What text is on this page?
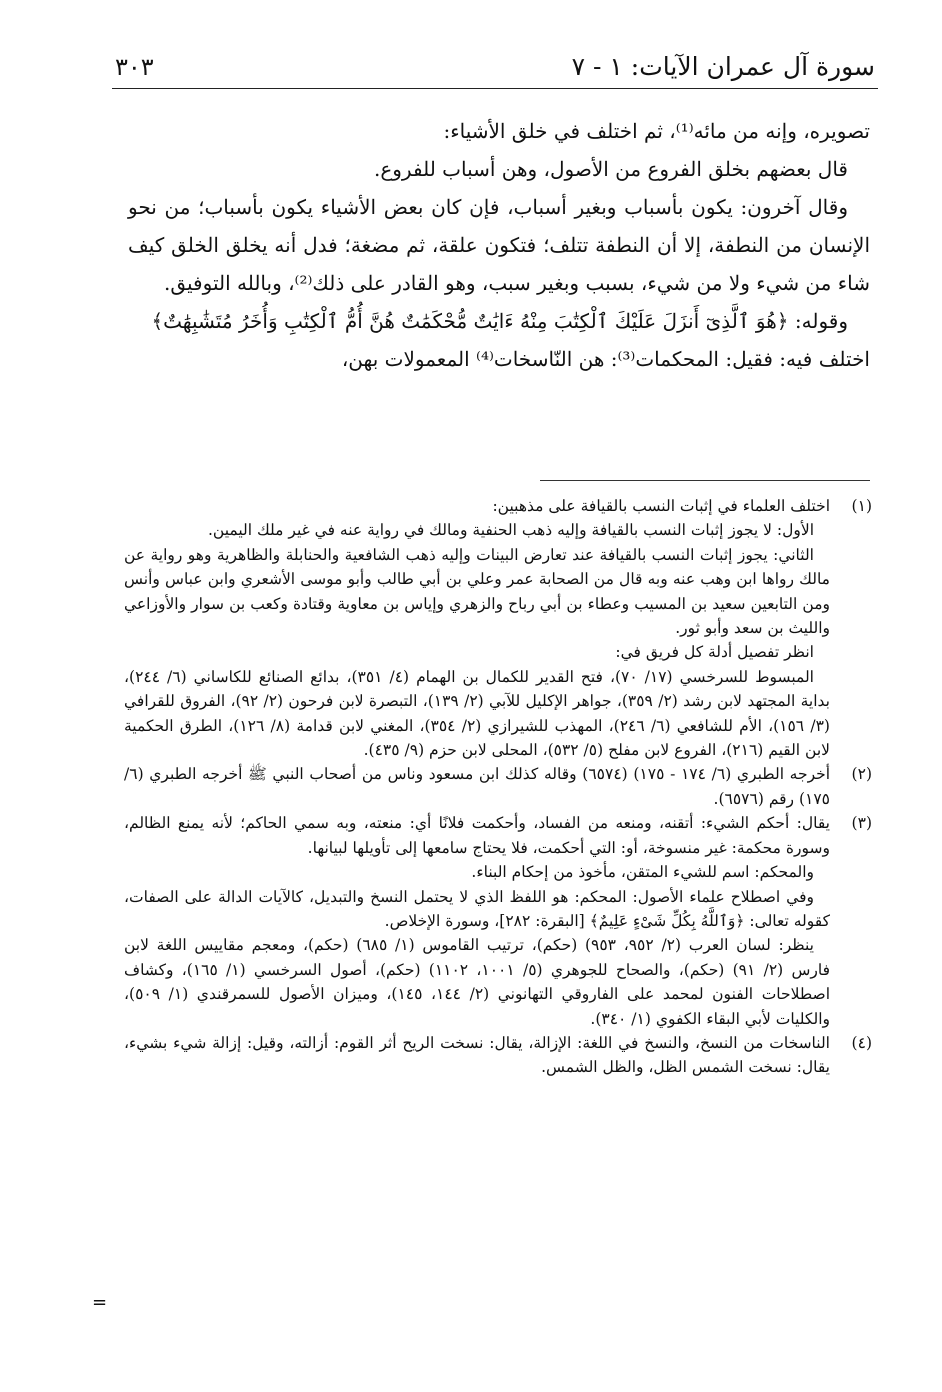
سورة آل عمران الآيات: ١ - ٧
٣٠٣

تصويره، وإنه من مائه⁽¹⁾، ثم اختلف في خلق الأشياء:

قال بعضهم بخلق الفروع من الأصول، وهن أسباب للفروع.

وقال آخرون: يكون بأسباب وبغير أسباب، فإن كان بعض الأشياء يكون بأسباب؛ من نحو الإنسان من النطفة، إلا أن النطفة تتلف؛ فتكون علقة، ثم مضغة؛ فدل أنه يخلق الخلق كيف شاء من شيء ولا من شيء، بسبب وبغير سبب، وهو القادر على ذلك⁽²⁾، وبالله التوفيق.

وقوله: ﴿هُوَ ٱلَّذِىٓ أَنزَلَ عَلَيْكَ ٱلْكِتَٰبَ مِنْهُ ءَايَٰتٌ مُّحْكَمَٰتٌ هُنَّ أُمُّ ٱلْكِتَٰبِ وَأُخَرُ مُتَشَٰبِهَٰتٌ﴾

اختلف فيه: فقيل: المحكمات⁽³⁾: هن النّاسخات⁽⁴⁾ المعمولات بهن،

(١)

اختلف العلماء في إثبات النسب بالقيافة على مذهبين:

الأول: لا يجوز إثبات النسب بالقيافة وإليه ذهب الحنفية ومالك في رواية عنه في غير ملك اليمين.

الثاني: يجوز إثبات النسب بالقيافة عند تعارض البينات وإليه ذهب الشافعية والحنابلة والظاهرية وهو رواية عن مالك رواها ابن وهب عنه وبه قال من الصحابة عمر وعلي بن أبي طالب وأبو موسى الأشعري وابن عباس وأنس ومن التابعين سعيد بن المسيب وعطاء بن أبي رباح والزهري وإياس بن معاوية وقتادة وكعب بن سوار والأوزاعي والليث بن سعد وأبو ثور.

انظر تفصيل أدلة كل فريق في:

المبسوط للسرخسي (١٧/ ٧٠)، فتح القدير للكمال بن الهمام (٤/ ٣٥١)، بدائع الصنائع للكاساني (٦/ ٢٤٤)، بداية المجتهد لابن رشد (٢/ ٣٥٩)، جواهر الإكليل للآبي (٢/ ١٣٩)، التبصرة لابن فرحون (٢/ ٩٢)، الفروق للقرافي (٣/ ١٥٦)، الأم للشافعي (٦/ ٢٤٦)، المهذب للشيرازي (٢/ ٣٥٤)، المغني لابن قدامة (٨/ ١٢٦)، الطرق الحكمية لابن القيم (٢١٦)، الفروع لابن مفلح (٥/ ٥٣٢)، المحلى لابن حزم (٩/ ٤٣٥).

(٢)

أخرجه الطبري (٦/ ١٧٤ - ١٧٥) (٦٥٧٤) وقاله كذلك ابن مسعود وناس من أصحاب النبي ﷺ أخرجه الطبري (٦/ ١٧٥) رقم (٦٥٧٦).

(٣)

يقال: أحكم الشيء: أتقنه، ومنعه من الفساد، وأحكمت فلانًا أي: منعته، وبه سمي الحاكم؛ لأنه يمنع الظالم، وسورة محكمة: غير منسوخة، أو: التي أحكمت، فلا يحتاج سامعها إلى تأويلها لبيانها.

والمحكم: اسم للشيء المتقن، مأخوذ من إحكام البناء.

وفي اصطلاح علماء الأصول: المحكم: هو اللفظ الذي لا يحتمل النسخ والتبديل، كالآيات الدالة على الصفات، كقوله تعالى: ﴿وَٱللَّهُ بِكُلِّ شَىْءٍ عَلِيمٌ﴾ [البقرة: ٢٨٢]، وسورة الإخلاص.

ينظر: لسان العرب (٢/ ٩٥٢، ٩٥٣) (حكم)، ترتيب القاموس (١/ ٦٨٥) (حكم)، ومعجم مقاييس اللغة لابن فارس (٢/ ٩١) (حكم)، والصحاح للجوهري (٥/ ١٠٠١، ١١٠٢) (حكم)، أصول السرخسي (١/ ١٦٥)، وكشاف اصطلاحات الفنون لمحمد على الفاروقي التهانوني (٢/ ١٤٤، ١٤٥)، وميزان الأصول للسمرقندي (١/ ٥٠٩)، والكليات لأبي البقاء الكفوي (١/ ٣٤٠).

(٤)

الناسخات من النسخ، والنسخ في اللغة: الإزالة، يقال: نسخت الريح أثر القوم: أزالته، وقيل: إزالة شيء بشيء، يقال: نسخت الشمس الظل، والظل الشمس.

=
